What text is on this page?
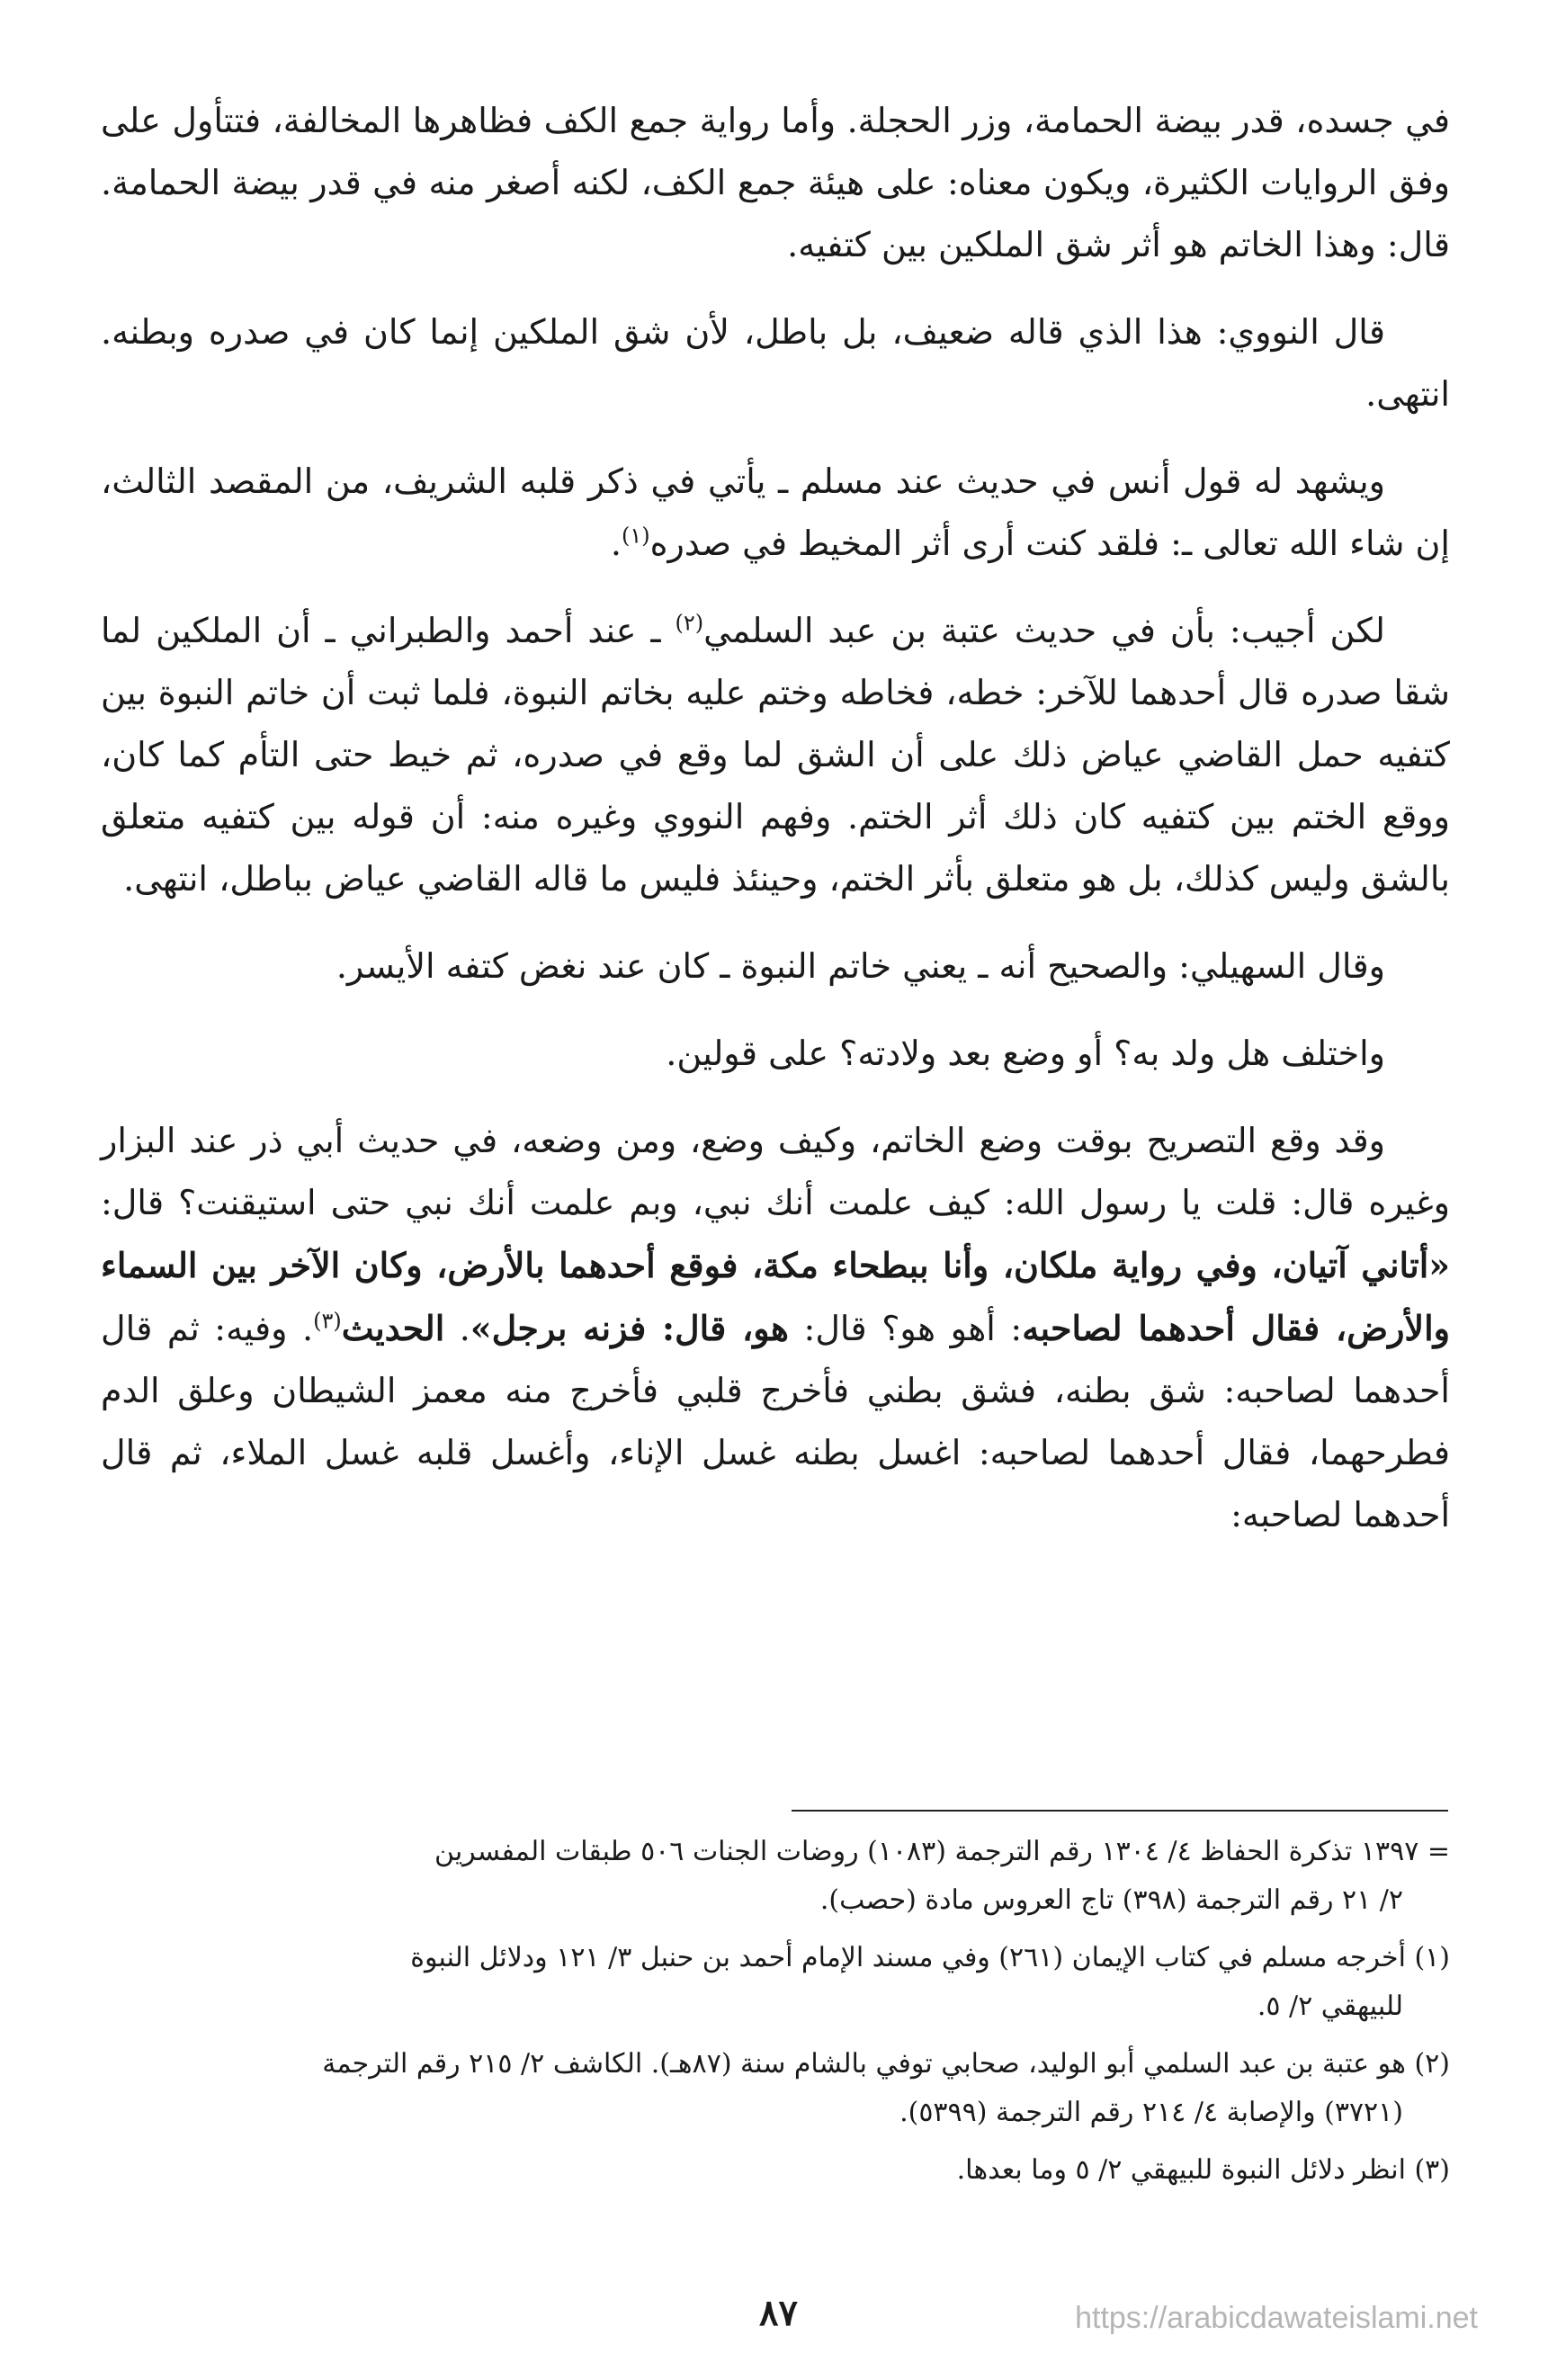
في جسده، قدر بيضة الحمامة، وزر الحجلة. وأما رواية جمع الكف فظاهرها المخالفة، فتتأول على وفق الروايات الكثيرة، ويكون معناه: على هيئة جمع الكف، لكنه أصغر منه في قدر بيضة الحمامة. قال: وهذا الخاتم هو أثر شق الملكين بين كتفيه.

قال النووي: هذا الذي قاله ضعيف، بل باطل، لأن شق الملكين إنما كان في صدره وبطنه. انتهى.

ويشهد له قول أنس في حديث عند مسلم ـ يأتي في ذكر قلبه الشريف، من المقصد الثالث، إن شاء الله تعالى ـ: فلقد كنت أرى أثر المخيط في صدره$^{(١)}$.

لكن أجيب: بأن في حديث عتبة بن عبد السلمي$^{(٢)}$ ـ عند أحمد والطبراني ـ أن الملكين لما شقا صدره قال أحدهما للآخر: خطه، فخاطه وختم عليه بخاتم النبوة، فلما ثبت أن خاتم النبوة بين كتفيه حمل القاضي عياض ذلك على أن الشق لما وقع في صدره، ثم خيط حتى التأم كما كان، ووقع الختم بين كتفيه كان ذلك أثر الختم. وفهم النووي وغيره منه: أن قوله بين كتفيه متعلق بالشق وليس كذلك، بل هو متعلق بأثر الختم، وحينئذ فليس ما قاله القاضي عياض بباطل، انتهى.

وقال السهيلي: والصحيح أنه ـ يعني خاتم النبوة ـ كان عند نغض كتفه الأيسر.

واختلف هل ولد به؟ أو وضع بعد ولادته؟ على قولين.

وقد وقع التصريح بوقت وضع الخاتم، وكيف وضع، ومن وضعه، في حديث أبي ذر عند البزار وغيره قال: قلت يا رسول الله: كيف علمت أنك نبي، وبم علمت أنك نبي حتى استيقنت؟ قال: «أتاني آتيان، وفي رواية ملكان، وأنا ببطحاء مكة، فوقع أحدهما بالأرض، وكان الآخر بين السماء والأرض، فقال أحدهما لصاحبه: أهو هو؟ قال: هو، قال: فزنه برجل». الحديث$^{(٣)}$. وفيه: ثم قال أحدهما لصاحبه: شق بطنه، فشق بطني فأخرج قلبي فأخرج منه معمز الشيطان وعلق الدم فطرحهما، فقال أحدهما لصاحبه: اغسل بطنه غسل الإناء، وأغسل قلبه غسل الملاء، ثم قال أحدهما لصاحبه:

= ١٣٩٧ تذكرة الحفاظ ٤/ ١٣٠٤ رقم الترجمة (١٠٨٣) روضات الجنات ٥٠٦ طبقات المفسرين
٢/ ٢١ رقم الترجمة (٣٩٨) تاج العروس مادة (حصب).

(١) أخرجه مسلم في كتاب الإيمان (٢٦١) وفي مسند الإمام أحمد بن حنبل ٣/ ١٢١ ودلائل النبوة
للبيهقي ٢/ ٥.

(٢) هو عتبة بن عبد السلمي أبو الوليد، صحابي توفي بالشام سنة (٨٧هـ). الكاشف ٢/ ٢١٥ رقم الترجمة
(٣٧٢١) والإصابة ٤/ ٢١٤ رقم الترجمة (٥٣٩٩).

(٣) انظر دلائل النبوة للبيهقي ٢/ ٥ وما بعدها.

٨٧	https://arabicdawateislami.net
